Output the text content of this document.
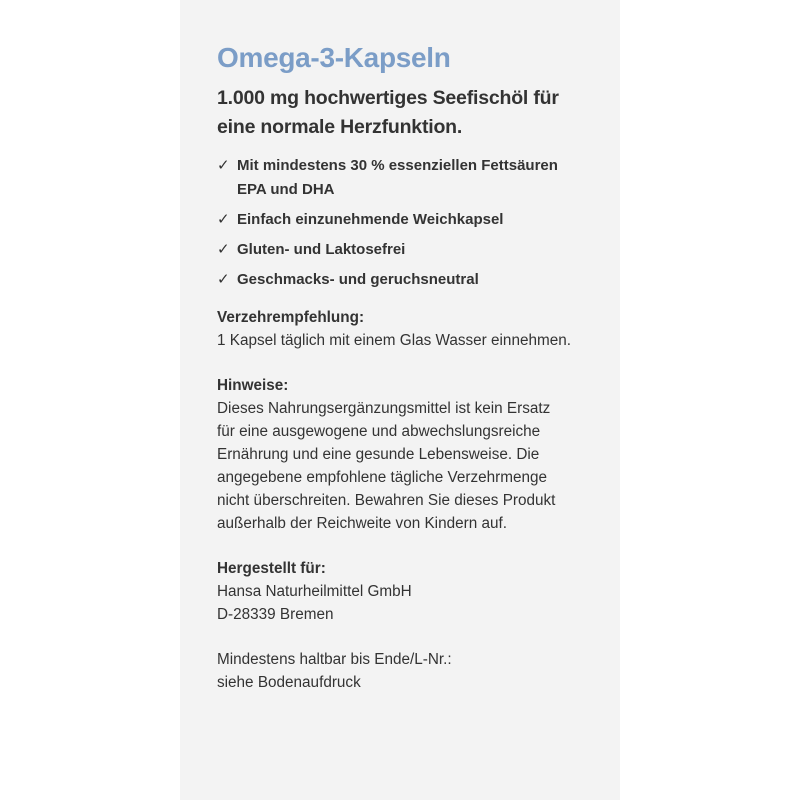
Omega-3-Kapseln

1.000 mg hochwertiges Seefischöl für
eine normale Herzfunktion.

✓ Mit mindestens 30 % essenziellen Fettsäuren
EPA und DHA
✓ Einfach einzunehmende Weichkapsel
✓ Gluten- und Laktosefrei
✓ Geschmacks- und geruchsneutral
Verzehrempfehlung:
1 Kapsel täglich mit einem Glas Wasser einnehmen.
Hinweise:
Dieses Nahrungsergänzungsmittel ist kein Ersatz
für eine ausgewogene und abwechslungsreiche
Ernährung und eine gesunde Lebensweise. Die
angegebene empfohlene tägliche Verzehrmenge
nicht überschreiten. Bewahren Sie dieses Produkt
außerhalb der Reichweite von Kindern auf.
Hergestellt für:
Hansa Naturheilmittel GmbH
D-28339 Bremen
Mindestens haltbar bis Ende/L-Nr.:
siehe Bodenaufdruck
